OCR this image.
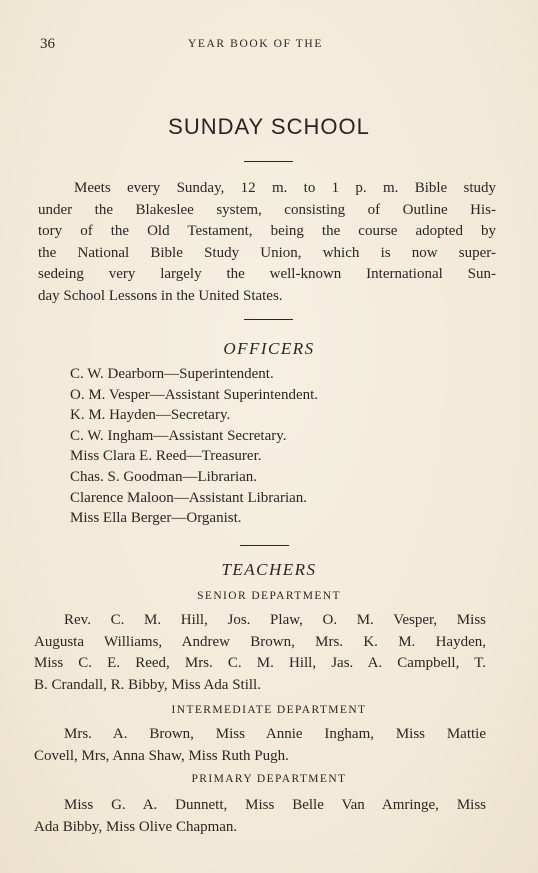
36	YEAR BOOK OF THE
SUNDAY SCHOOL
Meets every Sunday, 12 m. to 1 p. m. Bible study
under the Blakeslee system, consisting of Outline His-
tory of the Old Testament, being the course adopted by
the National Bible Study Union, which is now super-
sedeing very largely the well-known International Sun-
day School Lessons in the United States.
OFFICERS
C. W. Dearborn—Superintendent.
O. M. Vesper—Assistant Superintendent.
K. M. Hayden—Secretary.
C. W. Ingham—Assistant Secretary.
Miss Clara E. Reed—Treasurer.
Chas. S. Goodman—Librarian.
Clarence Maloon—Assistant Librarian.
Miss Ella Berger—Organist.
TEACHERS
SENIOR DEPARTMENT
Rev. C. M. Hill, Jos. Plaw, O. M. Vesper, Miss
Augusta Williams, Andrew Brown, Mrs. K. M. Hayden,
Miss C. E. Reed, Mrs. C. M. Hill, Jas. A. Campbell, T.
B. Crandall, R. Bibby, Miss Ada Still.
INTERMEDIATE DEPARTMENT
Mrs. A. Brown, Miss Annie Ingham, Miss Mattie
Covell, Mrs, Anna Shaw, Miss Ruth Pugh.
PRIMARY DEPARTMENT
Miss G. A. Dunnett, Miss Belle Van Amringe, Miss
Ada Bibby, Miss Olive Chapman.
